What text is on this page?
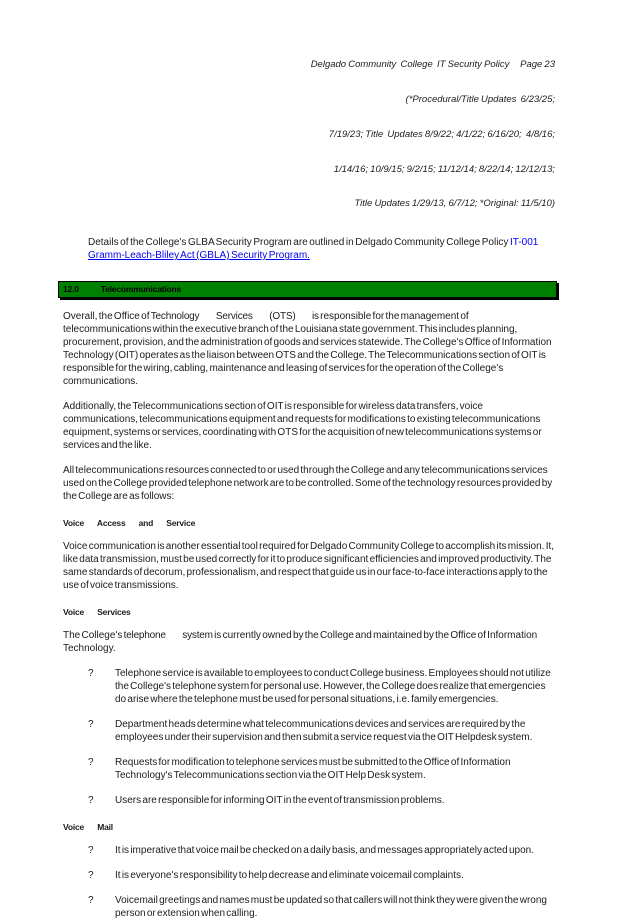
Delgado Community  College  IT Security Policy     Page 23

(*Procedural/Title Updates  6/23/25;

7/19/23; Title  Updates 8/9/22; 4/1/22; 6/16/20;  4/8/16;

1/14/16; 10/9/15; 9/2/15; 11/12/14; 8/22/14; 12/12/13;

Title Updates 1/29/13, 6/7/12; *Original: 11/5/10)

Details of the College's GLBA Security Program are outlined in Delgado Community College Policy IT-001
Gramm-Leach-Bliley Act (GBLA) Security Program.

12.0	Telecommunications

Overall, the Office of Technology Services (OTS) is responsible for the management of telecommunications within the executive branch of the Louisiana state government. This includes planning, procurement, provision, and the administration of goods and services statewide. The College's Office of Information Technology (OIT) operates as the liaison between OTS and the College. The Telecommunications section of OIT is responsible for the wiring, cabling, maintenance and leasing of services for the operation of the College's communications.

Additionally, the Telecommunications section of OIT is responsible for wireless data transfers, voice communications, telecommunications equipment and requests for modifications to existing telecommunications equipment, systems or services, coordinating with OTS for the acquisition of new telecommunications systems or services and the like.

All telecommunications resources connected to or used through the College and any telecommunications services used on the College provided telephone network are to be controlled. Some of the technology resources provided by the College are as follows:

Voice Access and Service

Voice communication is another essential tool required for Delgado Community College to accomplish its mission. It, like data transmission, must be used correctly for it to produce significant efficiencies and improved productivity. The same standards of decorum, professionalism, and respect that guide us in our face-to-face interactions apply to the use of voice transmissions.

Voice Services

The College's telephone system is currently owned by the College and maintained by the Office of Information Technology.

?	Telephone service is available to employees to conduct College business. Employees should not utilize the College's telephone system for personal use. However, the College does realize that emergencies do arise where the telephone must be used for personal situations, i.e. family emergencies.
?	Department heads determine what telecommunications devices and services are required by the employees under their supervision and then submit a service request via the OIT Helpdesk system.
?	Requests for modification to telephone services must be submitted to the Office of Information Technology's Telecommunications section via the OIT Help Desk system.
?	Users are responsible for informing OIT in the event of transmission problems.
Voice Mail
?	It is imperative that voice mail be checked on a daily basis, and messages appropriately acted upon.
?	It is everyone's responsibility to help decrease and eliminate voicemail complaints.
?	Voicemail greetings and names must be updated so that callers will not think they were given the wrong person or extension when calling.
